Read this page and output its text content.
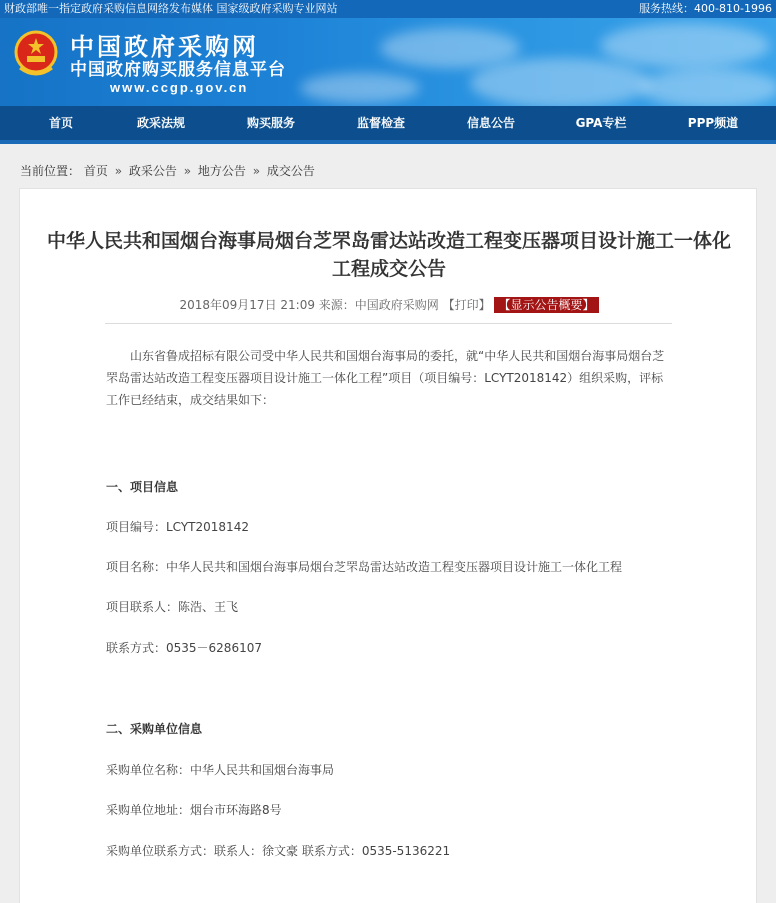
财政部唯一指定政府采购信息网络发布媒体 国家级政府采购专业网站	服务热线：400-810-1996
中国政府采购网
中国政府购买服务信息平台
www.ccgp.gov.cn
首页	政采法规	购买服务	监督检查	信息公告	GPA专栏	PPP频道
当前位置： 首页 » 政采公告 » 地方公告 » 成交公告
中华人民共和国烟台海事局烟台芝罘岛雷达站改造工程变压器项目设计施工一体化
工程成交公告
2018年09月17日 21:09 来源：中国政府采购网 【打印】 【显示公告概要】
山东省鲁成招标有限公司受中华人民共和国烟台海事局的委托，就“中华人民共和国烟台海事局烟台芝罘岛雷达站改造工程变压器项目设计施工一体化工程”项目（项目编号：LCYT2018142）组织采购，评标工作已经结束，成交结果如下：
一、项目信息
项目编号：LCYT2018142
项目名称：中华人民共和国烟台海事局烟台芝罘岛雷达站改造工程变压器项目设计施工一体化工程
项目联系人：陈浩、王飞
联系方式：0535－6286107
二、采购单位信息
采购单位名称：中华人民共和国烟台海事局
采购单位地址：烟台市环海路8号
采购单位联系方式：联系人：徐文豪 联系方式：0535-5136221
